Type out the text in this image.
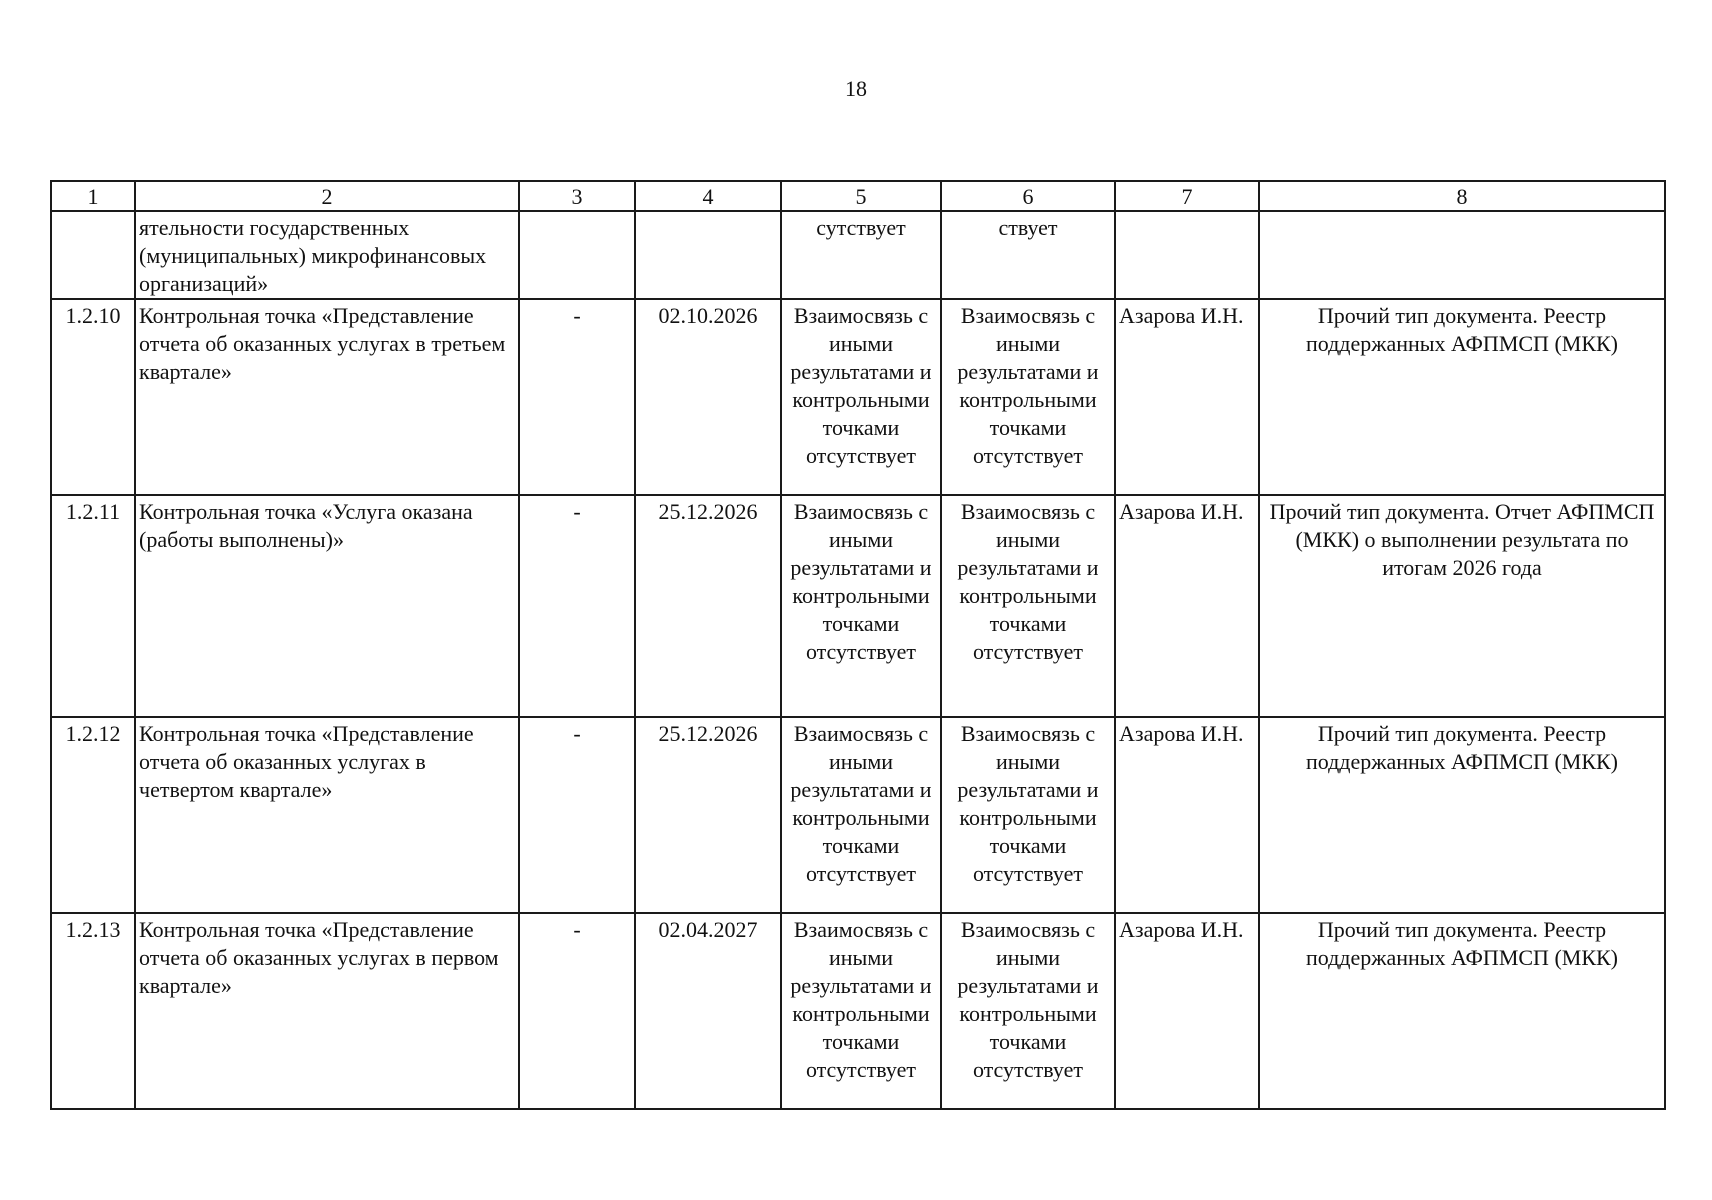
18
1	2	3	4	5	6	7	8
	ятельности государственных (муниципальных) микрофинансовых организаций»			сутствует	ствует		
1.2.10	Контрольная точка «Представление отчета об оказанных услугах в третьем квартале»	-	02.10.2026	Взаимосвязь с иными результатами и контрольными точками отсутствует	Взаимосвязь с иными результатами и контрольными точками отсутствует	Азарова И.Н.	Прочий тип документа. Реестр поддержанных АФПМСП (МКК)
1.2.11	Контрольная точка «Услуга оказана (работы выполнены)»	-	25.12.2026	Взаимосвязь с иными результатами и контрольными точками отсутствует	Взаимосвязь с иными результатами и контрольными точками отсутствует	Азарова И.Н.	Прочий тип документа. Отчет АФПМСП (МКК) о выполнении результата по итогам 2026 года
1.2.12	Контрольная точка «Представление отчета об оказанных услугах в четвертом квартале»	-	25.12.2026	Взаимосвязь с иными результатами и контрольными точками отсутствует	Взаимосвязь с иными результатами и контрольными точками отсутствует	Азарова И.Н.	Прочий тип документа. Реестр поддержанных АФПМСП (МКК)
1.2.13	Контрольная точка «Представление отчета об оказанных услугах в первом квартале»	-	02.04.2027	Взаимосвязь с иными результатами и контрольными точками отсутствует	Взаимосвязь с иными результатами и контрольными точками отсутствует	Азарова И.Н.	Прочий тип документа. Реестр поддержанных АФПМСП (МКК)
